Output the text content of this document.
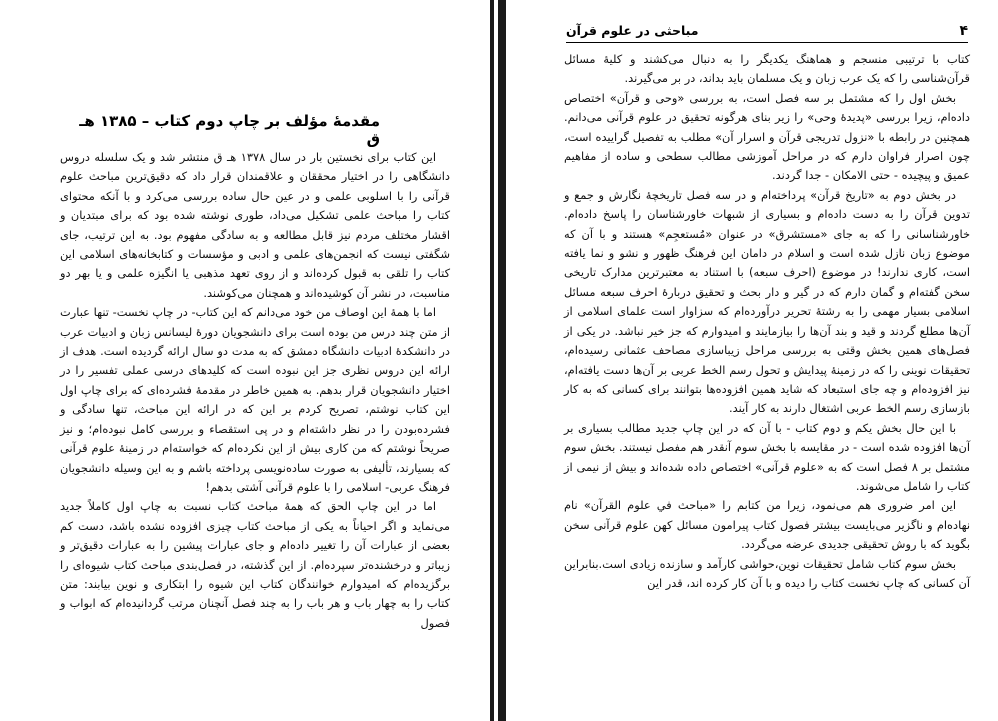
۴
مباحثی در علوم قرآن

کتاب با ترتیبی منسجم و هماهنگ یکدیگر را به دنبال می‌کشند و کلیهٔ مسائل قرآن‌شناسی را که یک عرب زبان و یک مسلمان باید بداند، در بر می‌گیرند.

بخش اول را که مشتمل بر سه فصل است، به بررسی «وحی و قرآن» اختصاص داده‌ام، زیرا بررسی «پدیدهٔ وحی» را زیر بنای هرگونه تحقیق در علوم قرآنی می‌دانم. همچنین در رابطه با «نزول تدریجی قرآن و اسرار آن» مطلب به تفصیل گراییده است، چون اصرار فراوان دارم که در مراحل آموزشی مطالب سطحی و ساده از مفاهیم عمیق و پیچیده - حتی الامکان - جدا گردند.

در بخش دوم به «تاریخ قرآن» پرداخته‌ام و در سه فصل تاریخچهٔ نگارش و جمع و تدوین قرآن را به دست داده‌ام و بسیاری از شبهات خاورشناسان را پاسخ داده‌ام. خاورشناسانی را که به جای «مستشرق» در عنوان «مُستعجِم» هستند و با آن که موضوع زبان نازل شده است و اسلام در دامان این فرهنگ ظهور و نشو و نما یافته است، کاری ندارند! در موضوع (احرف سبعه) با استناد به معتبرترین مدارک تاریخی سخن گفته‌ام و گمان دارم که در گیر و دار بحث و تحقیق دربارهٔ احرف سبعه مسائل اسلامی بسیار مهمی را به رشتهٔ تحریر درآورده‌ام که سزاوار است علمای اسلامی از آن‌ها مطلع گردند و قید و بند آن‌ها را بیازمایند و امیدوارم که جز خیر نباشد. در یکی از فصل‌های همین بخش وقتی به بررسی مراحل زیباسازی مصاحف عثمانی رسیده‌ام، تحقیقات نوینی را که در زمینهٔ پیدایش و تحول رسم الخط عربی بر آن‌ها دست یافته‌ام، نیز افزوده‌ام و چه جای استبعاد که شاید همین افزوده‌ها بتوانند برای کسانی که به کار بازسازی رسم الخط عربی اشتغال دارند به کار آیند.

با این حال بخش یکم و دوم کتاب - با آن که در این چاپ جدید مطالب بسیاری بر آن‌ها افزوده شده است - در مقایسه با بخش سوم آنقدر هم مفصل نیستند. بخش سوم مشتمل بر ۸ فصل است که به «علوم قرآنی» اختصاص داده شده‌اند و بیش از نیمی از کتاب را شامل می‌شوند.

این امر ضروری هم می‌نمود، زیرا من کتابم را «مباحث في علوم القرآن» نام نهاده‌ام و ناگزیر می‌بایست بیشتر فصول کتاب پیرامون مسائل کهن علوم قرآنی سخن بگوید که با روش تحقیقی جدیدی عرضه می‌گردد.

بخش سوم کتاب شامل تحقیقات نوین،حواشی کارآمد و سازنده زیادی است.بنابراین آن کسانی که چاپ نخست کتاب را دیده و با آن کار کرده اند، قدر این

مقدمهٔ مؤلف بر چاپ دوم کتاب – ۱۳۸۵ هـ ق

این کتاب برای نخستین بار در سال ۱۳۷۸ هـ ق منتشر شد و یک سلسله دروس دانشگاهی را در اختیار محققان و علاقمندان قرار داد که دقیق‌ترین مباحث علوم قرآنی را با اسلوبی علمی و در عین حال ساده بررسی می‌کرد و با آنکه محتوای کتاب را مباحث علمی تشکیل می‌داد، طوری نوشته شده بود که برای مبتدیان و اقشار مختلف مردم نیز قابل مطالعه و به سادگی مفهوم بود. به این ترتیب، جای شگفتی نیست که انجمن‌های علمی و ادبی و مؤسسات و کتابخانه‌های اسلامی این کتاب را تلقی به قبول کرده‌اند و از روی تعهد مذهبی یا انگیزه علمی و یا بهر دو مناسبت، در نشر آن کوشیده‌اند و همچنان می‌کوشند.

اما با همهٔ این اوصاف من خود می‌دانم که این کتاب- در چاپ نخست- تنها عبارت از متن چند درس من بوده است برای دانشجویان دورهٔ لیسانس زبان و ادبیات عرب در دانشکدهٔ ادبیات دانشگاه دمشق که به مدت دو سال ارائه گردیده است. هدف از ارائه این دروس نظری جز این نبوده است که کلیدهای درسی عملی تفسیر را در اختیار دانشجویان قرار بدهم. به همین خاطر در مقدمهٔ فشرده‌ای که برای چاپ اول این کتاب نوشتم، تصریح کردم بر این که در ارائه این مباحث، تنها سادگی و فشرده‌بودن را در نظر داشته‌ام و در پی استقصاء و بررسی کامل نبوده‌ام؛ و نیز صریحاً نوشتم که من کاری بیش از این نکرده‌ام که خواسته‌ام در زمینهٔ علوم قرآنی که بسیارند، تألیفی به صورت ساده‌نویسی پرداخته باشم و به این وسیله دانشجویان فرهنگ عربی- اسلامی را با علوم قرآنی آشتی بدهم!

اما در این چاپ الحق که همهٔ مباحث کتاب نسبت به چاپ اول کاملاً جدید می‌نماید و اگر احیاناً به یکی از مباحث کتاب چیزی افزوده نشده باشد، دست کم بعضی از عبارات آن را تغییر داده‌ام و جای عبارات پیشین را به عبارات دقیق‌تر و زیباتر و درخشنده‌تر سپرده‌ام. از این گذشته، در فصل‌بندی مباحث کتاب شیوه‌ای را برگزیده‌ام که امیدوارم خوانندگان کتاب این شیوه را ابتکاری و نوین بیابند: متن کتاب را به چهار باب و هر باب را به چند فصل آنچنان مرتب گردانیده‌ام که ابواب و فصول
